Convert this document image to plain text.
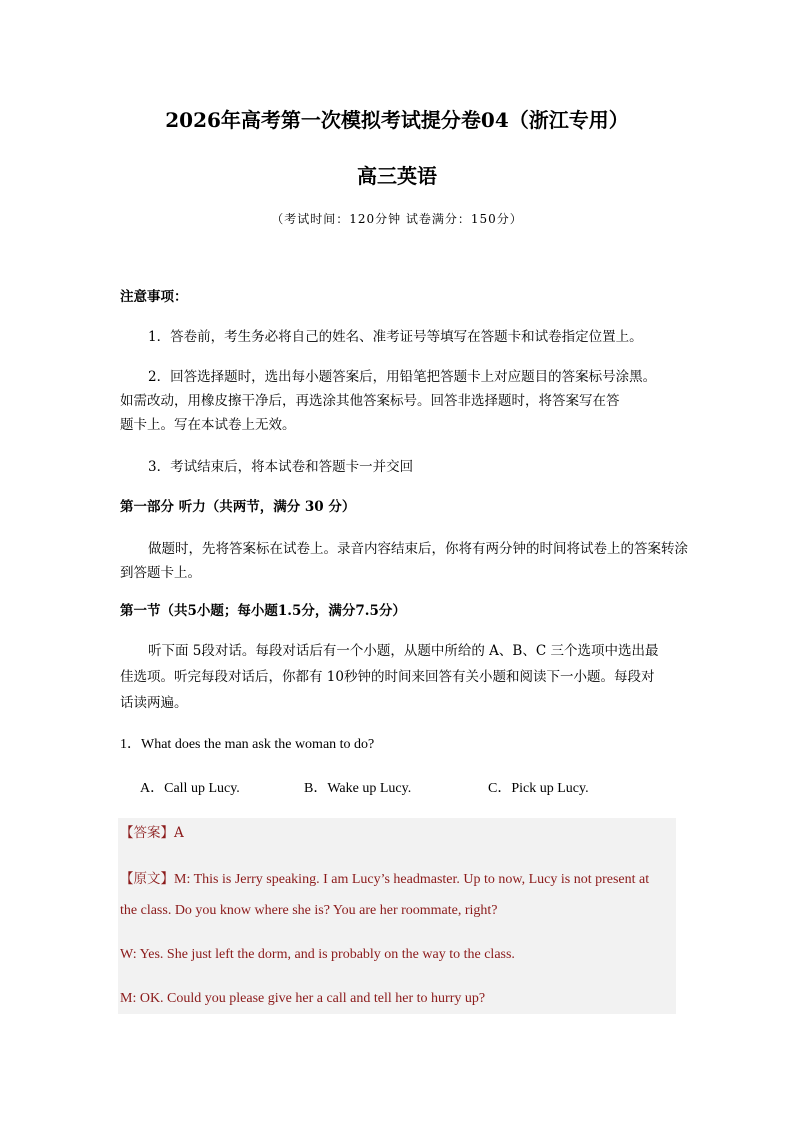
2026年高考第一次模拟考试提分卷04（浙江专用）
高三英语
（考试时间：120分钟 试卷满分：150分）
注意事项：
1．答卷前，考生务必将自己的姓名、准考证号等填写在答题卡和试卷指定位置上。
2．回答选择题时，选出每小题答案后，用铅笔把答题卡上对应题目的答案标号涂黑。
如需改动，用橡皮擦干净后，再选涂其他答案标号。回答非选择题时，将答案写在答
题卡上。写在本试卷上无效。
3．考试结束后，将本试卷和答题卡一并交回
第一部分 听力（共两节，满分 30 分）
做题时，先将答案标在试卷上。录音内容结束后，你将有两分钟的时间将试卷上的答案转涂
到答题卡上。
第一节（共5小题；每小题1.5分，满分7.5分）
听下面 5段对话。每段对话后有一个小题，从题中所给的 A、B、C 三个选项中选出最
佳选项。听完每段对话后，你都有 10秒钟的时间来回答有关小题和阅读下一小题。每段对
话读两遍。
1．What does the man ask the woman to do?
A．Call up Lucy.	B．Wake up Lucy.	C．Pick up Lucy.
【答案】A
【原文】M: This is Jerry speaking. I am Lucy’s headmaster. Up to now, Lucy is not present at
the class. Do you know where she is? You are her roommate, right?
W: Yes. She just left the dorm, and is probably on the way to the class.
M: OK. Could you please give her a call and tell her to hurry up?
